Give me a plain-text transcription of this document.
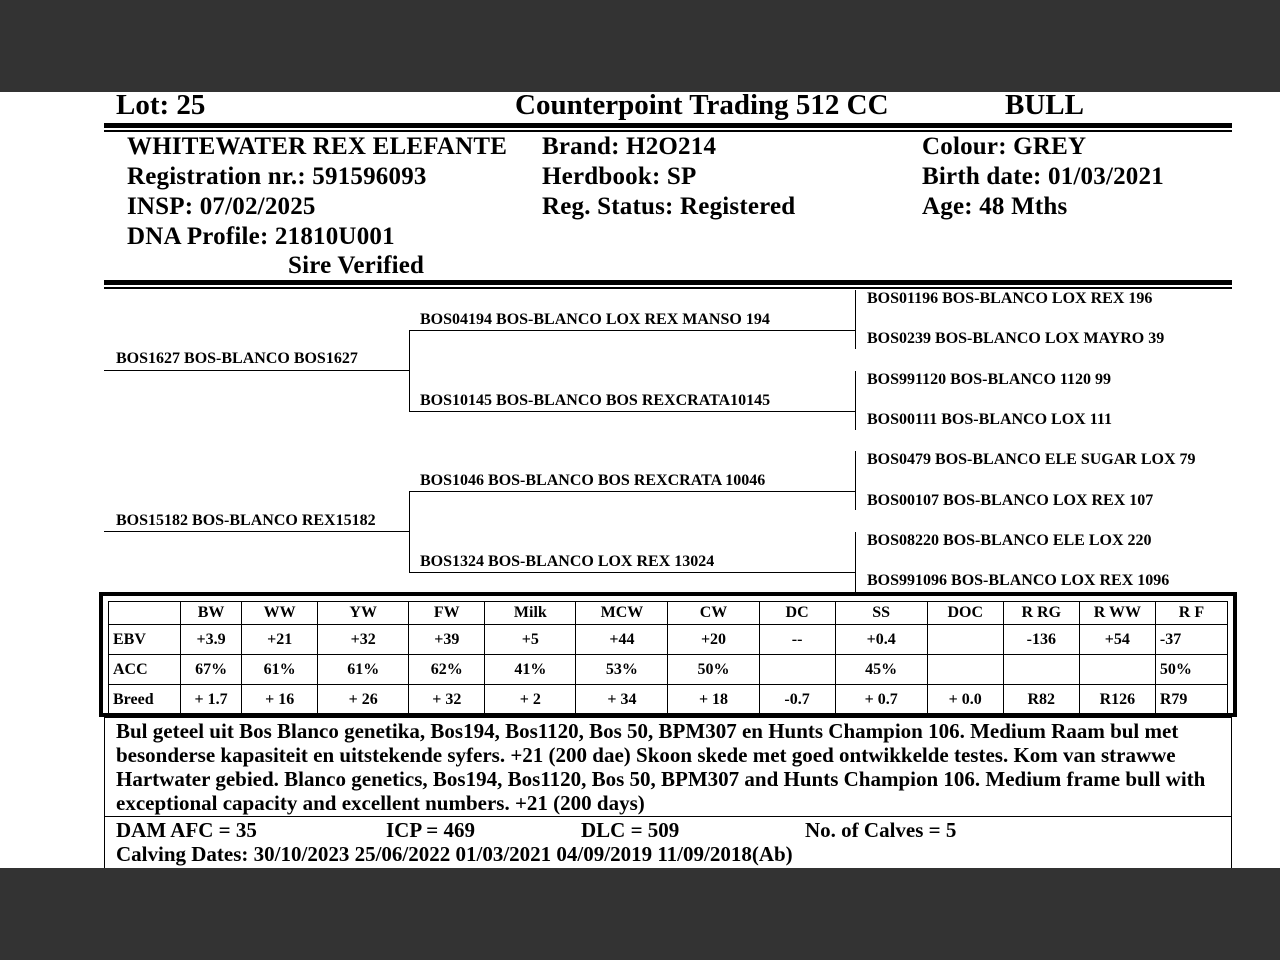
Lot: 25	Counterpoint Trading 512 CC	BULL
WHITEWATER REX ELEFANTE
Registration nr.: 591596093
INSP: 07/02/2025
DNA Profile: 21810U001
Sire Verified
Brand: H2O214
Herdbook: SP
Reg. Status: Registered
Colour: GREY
Birth date: 01/03/2021
Age: 48 Mths
BOS1627 BOS-BLANCO BOS1627
BOS15182 BOS-BLANCO REX15182
BOS04194 BOS-BLANCO LOX REX MANSO 194
BOS10145 BOS-BLANCO BOS REXCRATA10145
BOS1046 BOS-BLANCO BOS REXCRATA 10046
BOS1324 BOS-BLANCO LOX REX 13024
BOS01196 BOS-BLANCO LOX REX 196
BOS0239 BOS-BLANCO LOX MAYRO 39
BOS991120 BOS-BLANCO 1120 99
BOS00111 BOS-BLANCO LOX 111
BOS0479 BOS-BLANCO ELE SUGAR LOX 79
BOS00107 BOS-BLANCO LOX REX 107
BOS08220 BOS-BLANCO ELE LOX 220
BOS991096 BOS-BLANCO LOX REX 1096
	BW	WW	YW	FW	Milk	MCW	CW	DC	SS	DOC	R RG	R WW	R F
EBV	+3.9	+21	+32	+39	+5	+44	+20	--	+0.4		-136	+54	-37
ACC	67%	61%	61%	62%	41%	53%	50%		45%				50%
Breed	+ 1.7	+ 16	+ 26	+ 32	+ 2	+ 34	+ 18	-0.7	+ 0.7	+ 0.0	R82	R126	R79
Bul geteel uit Bos Blanco genetika, Bos194, Bos1120, Bos 50, BPM307 en Hunts Champion 106. Medium Raam bul met besonderse kapasiteit en uitstekende syfers. +21 (200 dae) Skoon skede met goed ontwikkelde testes. Kom van strawwe Hartwater gebied. Blanco genetics, Bos194, Bos1120, Bos 50, BPM307 and Hunts Champion 106. Medium frame bull with exceptional capacity and excellent numbers. +21 (200 days)
DAM AFC = 35	ICP = 469	DLC = 509	No. of Calves = 5
Calving Dates: 30/10/2023 25/06/2022 01/03/2021 04/09/2019 11/09/2018(Ab)
